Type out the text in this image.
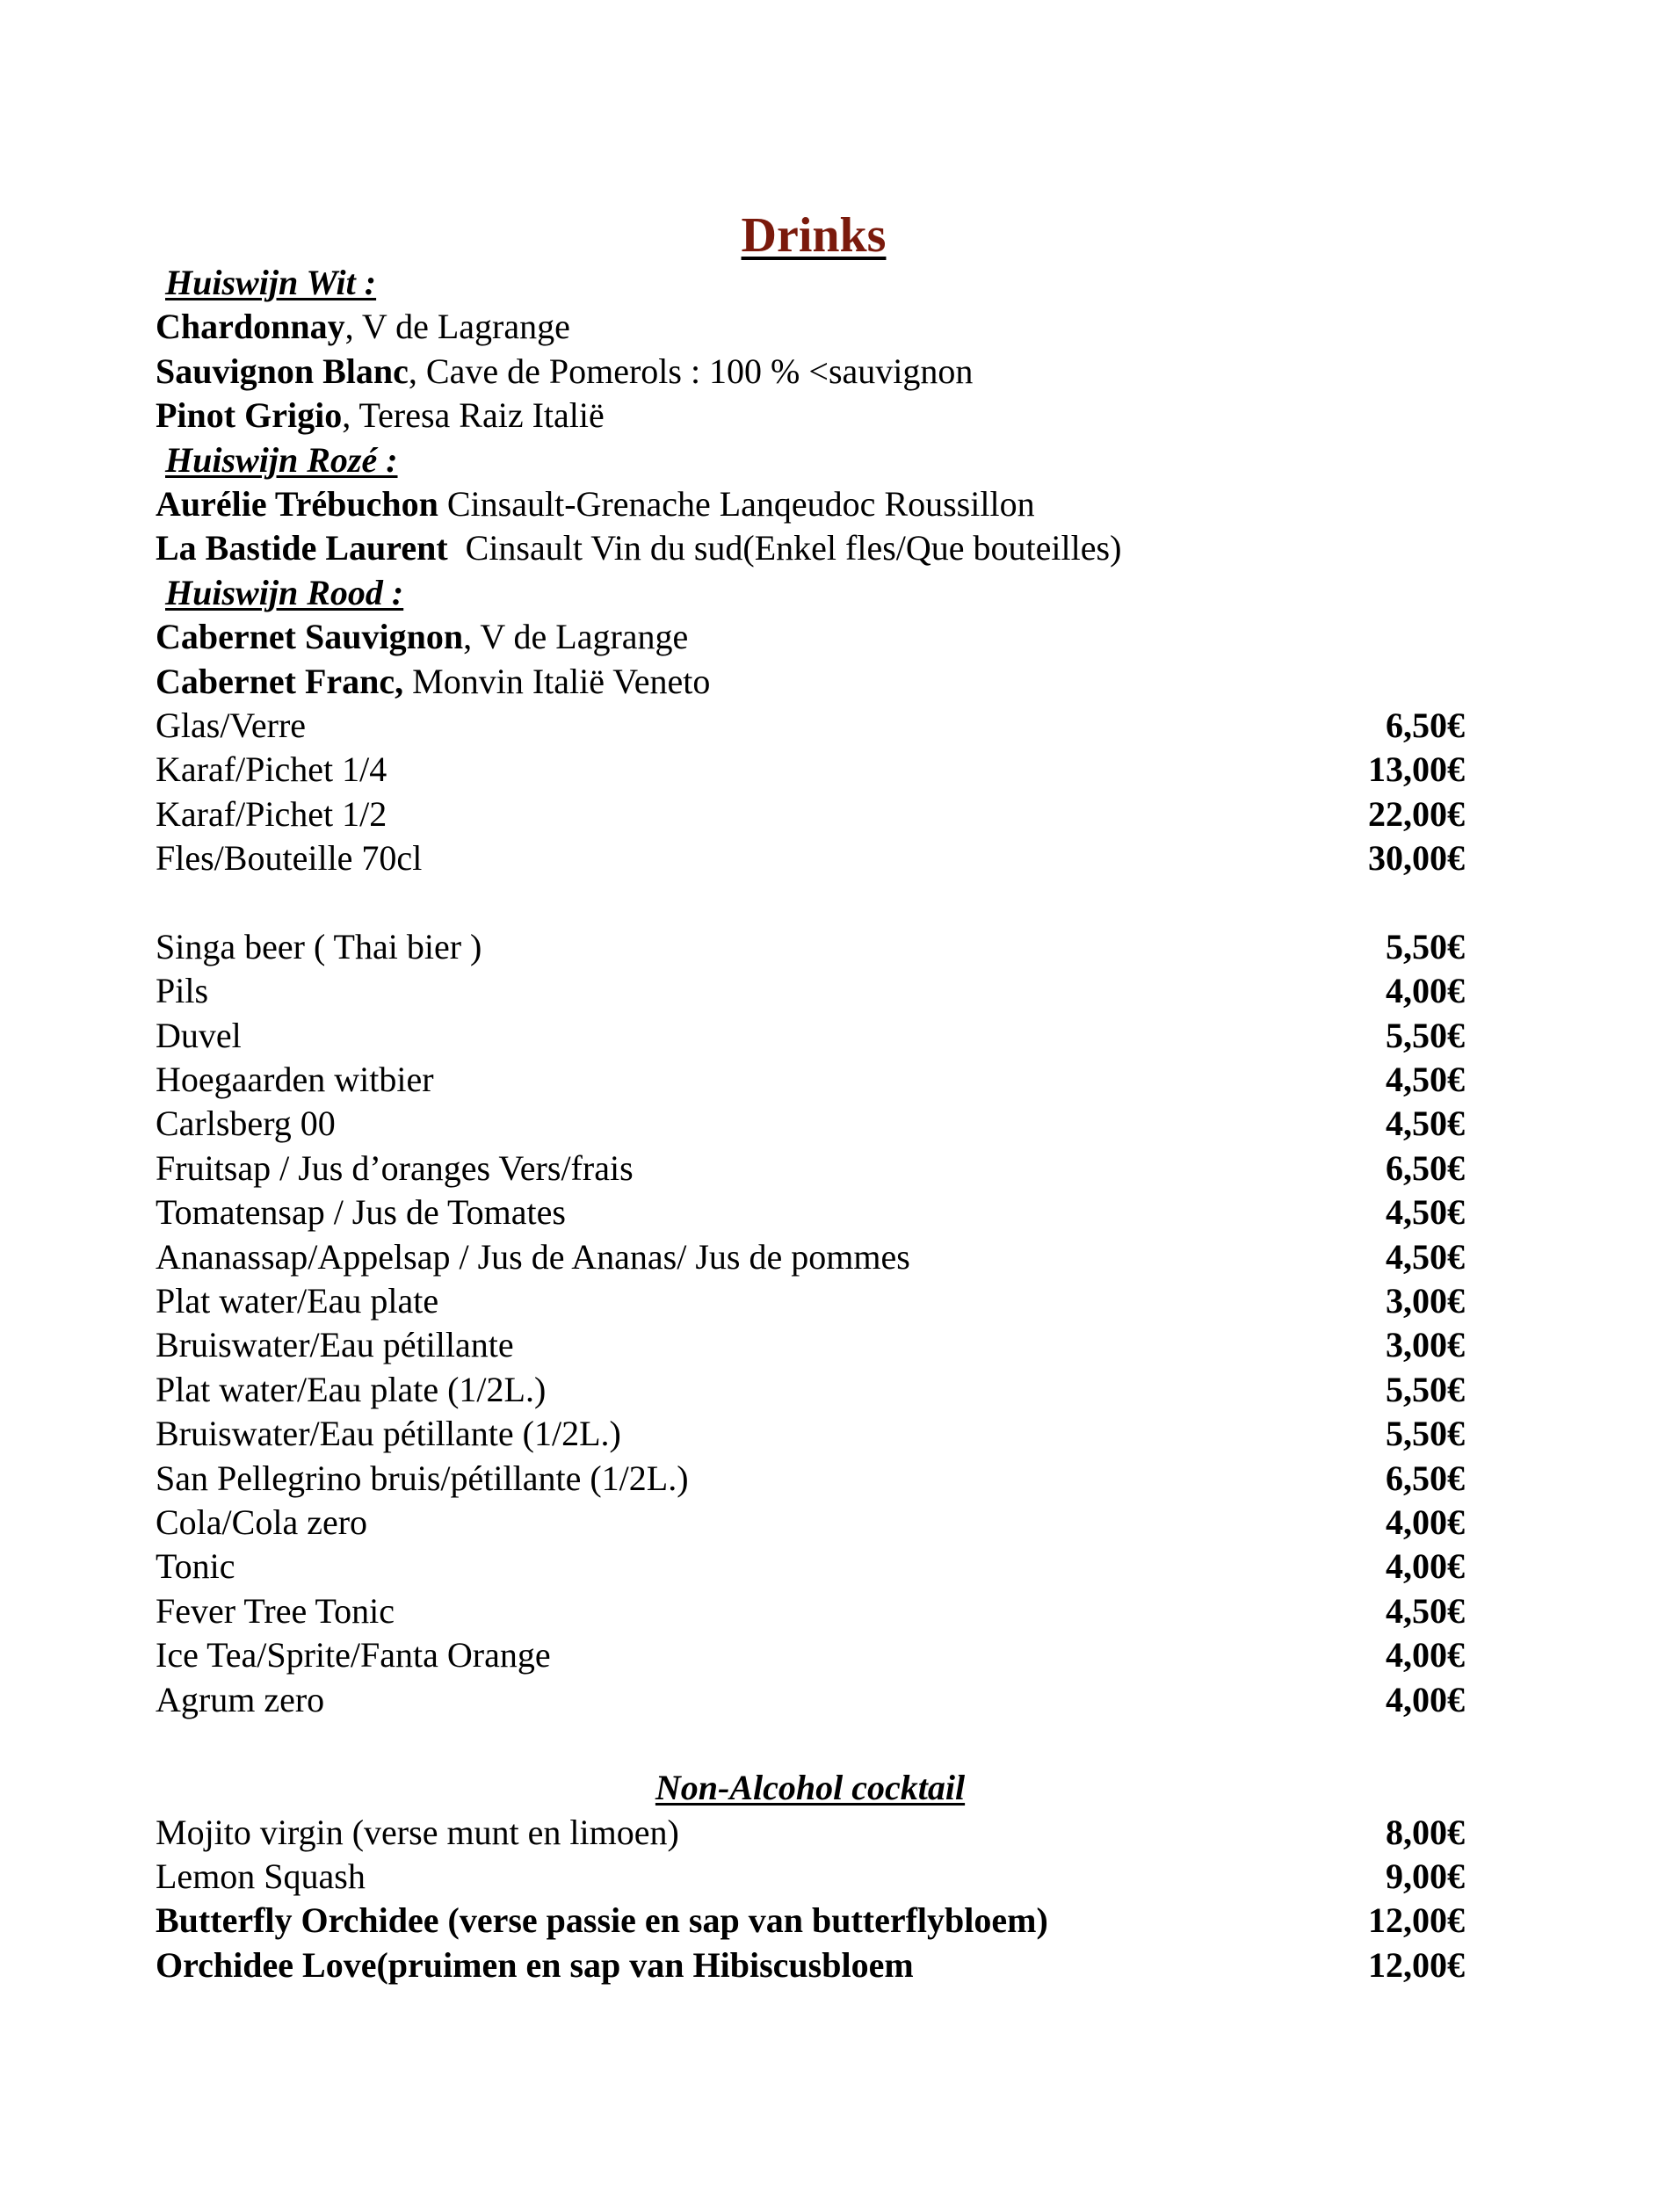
Drinks
Huiswijn Wit :
Chardonnay, V de Lagrange
Sauvignon Blanc, Cave de Pomerols : 100 % <sauvignon
Pinot Grigio, Teresa Raiz Italië
Huiswijn Rozé :
Aurélie Trébuchon Cinsault-Grenache Lanqeudoc Roussillon
La Bastide Laurent  Cinsault Vin du sud(Enkel fles/Que bouteilles)
Huiswijn Rood :
Cabernet Sauvignon, V de Lagrange
Cabernet Franc, Monvin Italië Veneto
Glas/Verre	6,50€
Karaf/Pichet 1/4	13,00€
Karaf/Pichet 1/2	22,00€
Fles/Bouteille 70cl	30,00€
Singa beer ( Thai bier )	5,50€
Pils	4,00€
Duvel	5,50€
Hoegaarden witbier	4,50€
Carlsberg 00	4,50€
Fruitsap / Jus d’oranges Vers/frais	6,50€
Tomatensap / Jus de Tomates	4,50€
Ananassap/Appelsap / Jus de Ananas/ Jus de pommes	4,50€
Plat water/Eau plate	3,00€
Bruiswater/Eau pétillante	3,00€
Plat water/Eau plate (1/2L.)	5,50€
Bruiswater/Eau pétillante (1/2L.)	5,50€
San Pellegrino bruis/pétillante (1/2L.)	6,50€
Cola/Cola zero	4,00€
Tonic	4,00€
Fever Tree Tonic	4,50€
Ice Tea/Sprite/Fanta Orange	4,00€
Agrum zero	4,00€
Non-Alcohol cocktail
Mojito virgin (verse munt en limoen)	8,00€
Lemon Squash	9,00€
Butterfly Orchidee (verse passie en sap van butterflybloem)	12,00€
Orchidee Love(pruimen en sap van Hibiscusbloem	12,00€
